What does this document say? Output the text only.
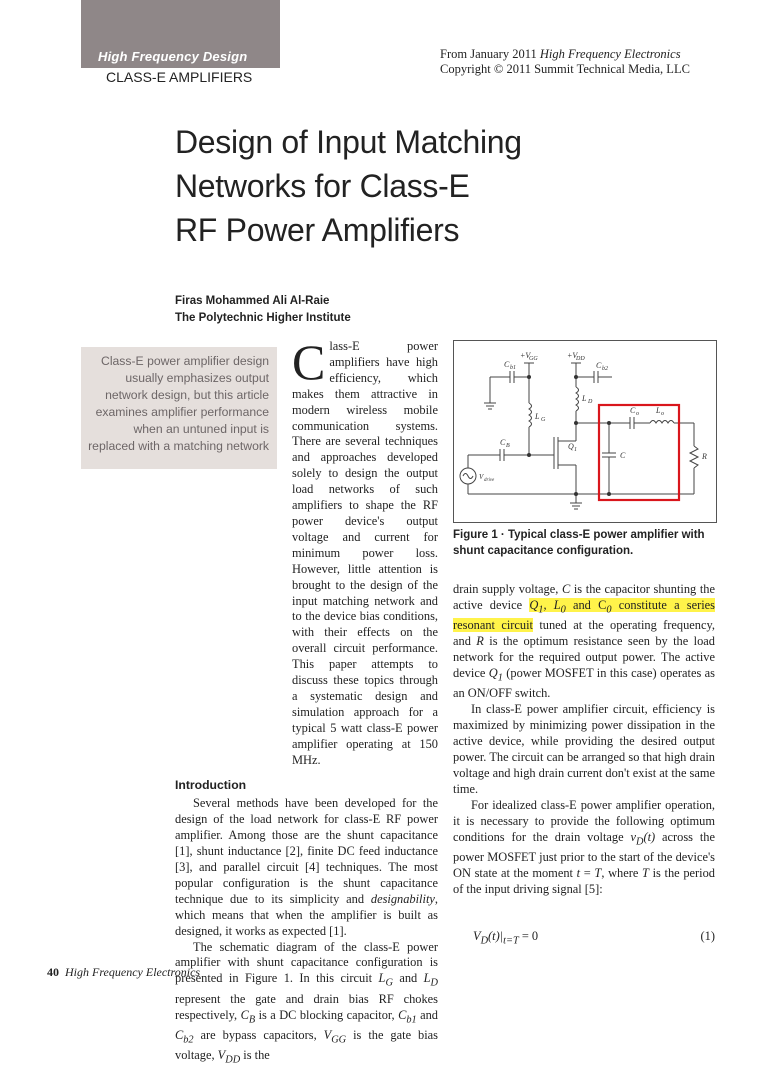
High Frequency Design
CLASS-E AMPLIFIERS
From January 2011 High Frequency Electronics
Copyright © 2011 Summit Technical Media, LLC
Design of Input Matching
Networks for Class-E
RF Power Amplifiers
Firas Mohammed Ali Al-Raie
The Polytechnic Higher Institute
Class-E power amplifier design usually emphasizes output network design, but this article examines amplifier performance when an untuned input is replaced with a matching network
Class-E power amplifiers have high efficiency, which makes them attractive in modern wireless mobile communication systems. There are several techniques and approaches developed solely to design the output load networks of such amplifiers to shape the RF power device's output voltage and current for minimum power loss. However, little attention is brought to the design of the input matching network and to the device bias conditions, with their effects on the overall circuit performance. This paper attempts to discuss these topics through a systematic design and simulation approach for a typical 5 watt class-E power amplifier operating at 150 MHz.
Introduction

Several methods have been developed for the design of the load network for class-E RF power amplifier. Among those are the shunt capacitance [1], shunt inductance [2], finite DC feed inductance [3], and parallel circuit [4] techniques. The most popular configuration is the shunt capacitance technique due to its simplicity and designability, which means that when the amplifier is built as designed, it works as expected [1].

The schematic diagram of the class-E power amplifier with shunt capacitance configuration is presented in Figure 1. In this circuit $L_G$ and $L_D$ represent the gate and drain bias RF chokes respectively, $C_B$ is a DC blocking capacitor, $C_{b1}$ and $C_{b2}$ are bypass capacitors, $V_{GG}$ is the gate bias voltage, $V_{DD}$ is the

+V
GG
C b1
L G
+V
DD
C b2
L D
C B
V drive
Q 1
C
C o L o
R
Figure 1 · Typical class-E power amplifier with shunt capacitance configuration.

drain supply voltage, C is the capacitor shunting the active device $Q_1$, $L_0$ and $C_0$ constitute a series resonant circuit tuned at the operating frequency, and R is the optimum resistance seen by the load network for the required output power. The active device $Q_1$ (power MOSFET in this case) operates as an ON/OFF switch.

In class-E power amplifier circuit, efficiency is maximized by minimizing power dissipation in the active device, while providing the desired output power. The circuit can be arranged so that high drain voltage and high drain current don't exist at the same time.

For idealized class-E power amplifier operation, it is necessary to provide the following optimum conditions for the drain voltage $v_D(t)$ across the power MOSFET just prior to the start of the device's ON state at the moment t = T, where T is the period of the input driving signal [5]:

$V_D(t)|_{t=T} = 0$	(1)
40 High Frequency Electronics
